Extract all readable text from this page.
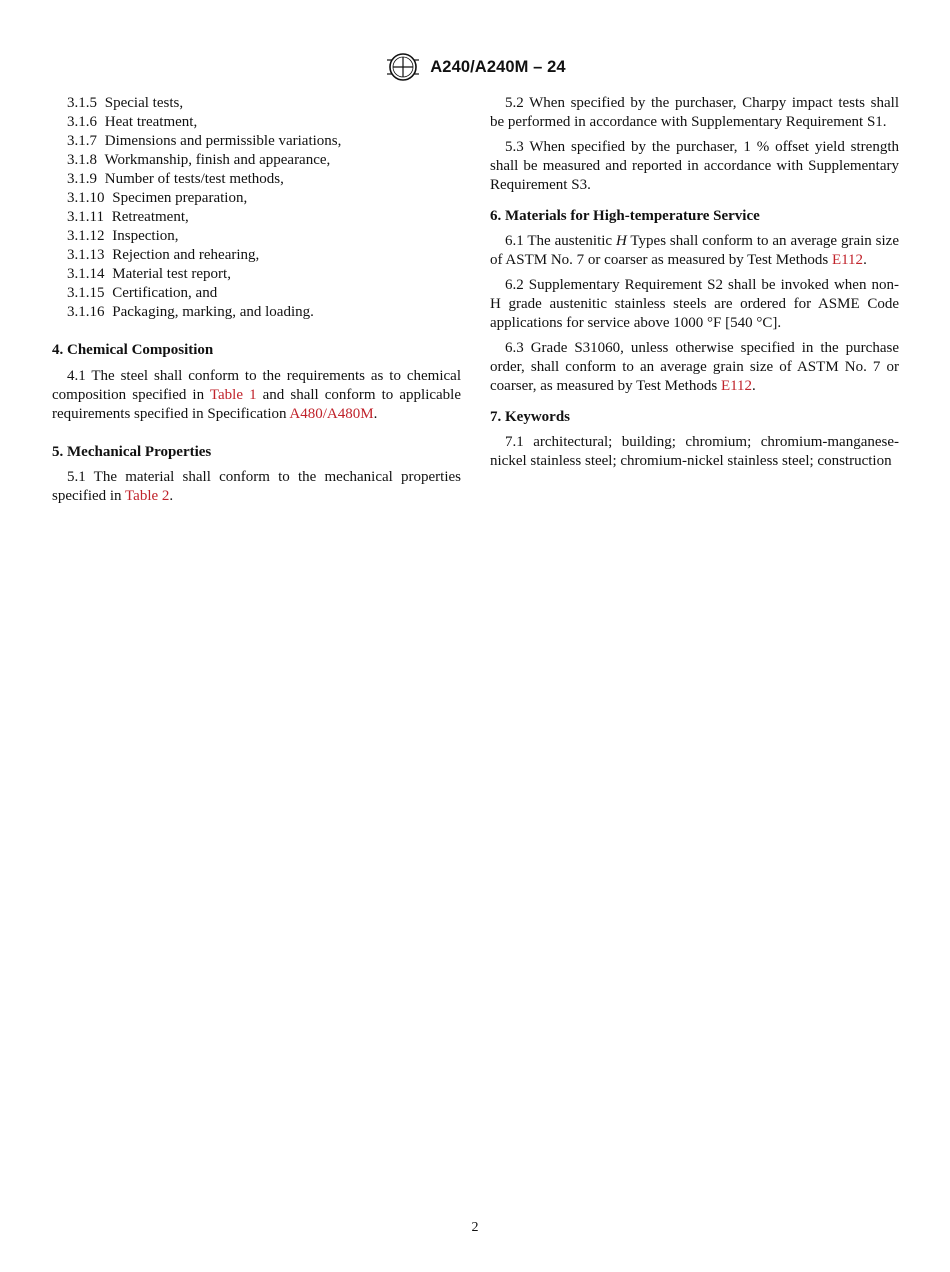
A240/A240M – 24
3.1.5 Special tests,
3.1.6 Heat treatment,
3.1.7 Dimensions and permissible variations,
3.1.8 Workmanship, finish and appearance,
3.1.9 Number of tests/test methods,
3.1.10 Specimen preparation,
3.1.11 Retreatment,
3.1.12 Inspection,
3.1.13 Rejection and rehearing,
3.1.14 Material test report,
3.1.15 Certification, and
3.1.16 Packaging, marking, and loading.

4. Chemical Composition

4.1 The steel shall conform to the requirements as to chemical composition specified in Table 1 and shall conform to applicable requirements specified in Specification A480/A480M.

5. Mechanical Properties

5.1 The material shall conform to the mechanical properties specified in Table 2.

5.2 When specified by the purchaser, Charpy impact tests shall be performed in accordance with Supplementary Requirement S1.

5.3 When specified by the purchaser, 1 % offset yield strength shall be measured and reported in accordance with Supplementary Requirement S3.

6. Materials for High-temperature Service

6.1 The austenitic H Types shall conform to an average grain size of ASTM No. 7 or coarser as measured by Test Methods E112.

6.2 Supplementary Requirement S2 shall be invoked when non-H grade austenitic stainless steels are ordered for ASME Code applications for service above 1000 °F [540 °C].

6.3 Grade S31060, unless otherwise specified in the purchase order, shall conform to an average grain size of ASTM No. 7 or coarser, as measured by Test Methods E112.

7. Keywords

7.1 architectural; building; chromium; chromium-manganese-nickel stainless steel; chromium-nickel stainless steel; construction

2
